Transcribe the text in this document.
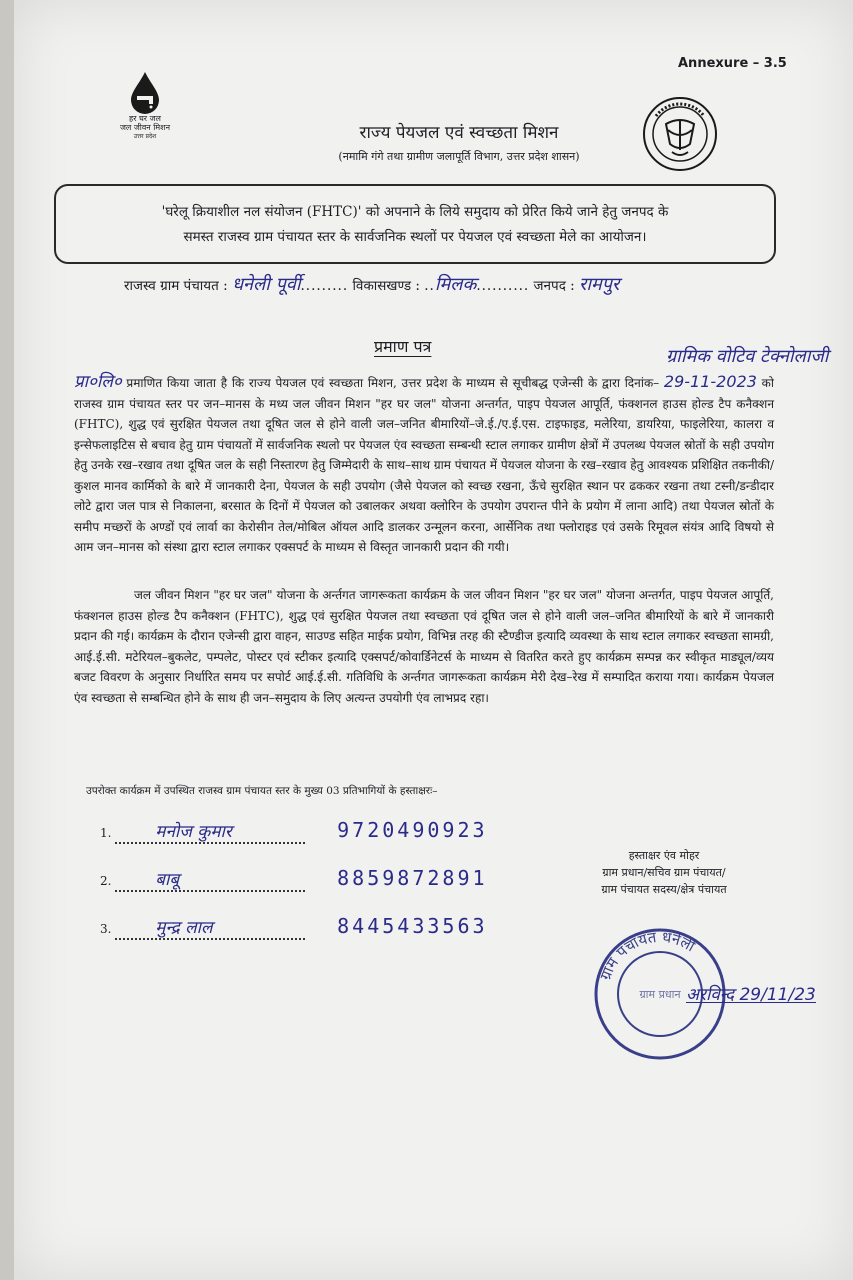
Annexure – 3.5
हर घर जल
जल जीवन मिशन
उत्तर प्रदेश	राज्य पेयजल एवं स्वच्छता मिशन
(नमामि गंगे तथा ग्रामीण जलापूर्ति विभाग, उत्तर प्रदेश शासन)
'घरेलू क्रियाशील नल संयोजन (FHTC)' को अपनाने के लिये समुदाय को प्रेरित किये जाने हेतु जनपद के
समस्त राजस्व ग्राम पंचायत स्तर के सार्वजनिक स्थलों पर पेयजल एवं स्वच्छता मेले का आयोजन।
राजस्व ग्राम पंचायत : धनेली पूर्वी......... विकासखण्ड : ..मिलक.......... जनपद : रामपुर
प्रमाण पत्र	ग्रामिक वोटिव टेक्नोलाजी
प्रा०लि० प्रमाणित किया जाता है कि राज्य पेयजल एवं स्वच्छता मिशन, उत्तर प्रदेश के माध्यम से सूचीबद्ध एजेन्सी के द्वारा दिनांक– 29-11-2023 को राजस्व ग्राम पंचायत स्तर पर जन–मानस के मध्य जल जीवन मिशन "हर घर जल" योजना अन्तर्गत, पाइप पेयजल आपूर्ति, फंक्शनल हाउस होल्ड टैप कनैक्शन (FHTC), शुद्ध एवं सुरक्षित पेयजल तथा दूषित जल से होने वाली जल–जनित बीमारियों–जे.ई./ए.ई.एस. टाइफाइड, मलेरिया, डायरिया, फाइलेरिया, कालरा व इन्सेफलाइटिस से बचाव हेतु ग्राम पंचायतों में सार्वजनिक स्थलो पर पेयजल एंव स्वच्छता सम्बन्धी स्टाल लगाकर ग्रामीण क्षेत्रों में उपलब्ध पेयजल स्रोतों के सही उपयोग हेतु उनके रख–रखाव तथा दूषित जल के सही निस्तारण हेतु जिम्मेदारी के साथ–साथ ग्राम पंचायत में पेयजल योजना के रख–रखाव हेतु आवश्यक प्रशिक्षित तकनीकी/कुशल मानव कार्मिको के बारे में जानकारी देना, पेयजल के सही उपयोग (जैसे पेयजल को स्वच्छ रखना, ऊँचे सुरक्षित स्थान पर ढककर रखना तथा टस्नी/डन्डीदार लोटे द्वारा जल पात्र से निकालना, बरसात के दिनों में पेयजल को उबालकर अथवा क्लोरिन के उपयोग उपरान्त पीने के प्रयोग में लाना आदि) तथा पेयजल स्रोतों के समीप मच्छरों के अण्डों एवं लार्वा का केरोसीन तेल/मोबिल ऑयल आदि डालकर उन्मूलन करना, आर्सेनिक तथा फ्लोराइड एवं उसके रिमूवल संयंत्र आदि विषयो से आम जन–मानस को संस्था द्वारा स्टाल लगाकर एक्सपर्ट के माध्यम से विस्तृत जानकारी प्रदान की गयी।
जल जीवन मिशन "हर घर जल" योजना के अर्न्तगत जागरूकता कार्यक्रम के जल जीवन मिशन "हर घर जल" योजना अन्तर्गत, पाइप पेयजल आपूर्ति, फंक्शनल हाउस होल्ड टैप कनैक्शन (FHTC), शुद्ध एवं सुरक्षित पेयजल तथा स्वच्छता एवं दूषित जल से होने वाली जल–जनित बीमारियों के बारे में जानकारी प्रदान की गई। कार्यक्रम के दौरान एजेन्सी द्वारा वाहन, साउण्ड सहित माईक प्रयोग, विभिन्न तरह की स्टैण्डीज इत्यादि व्यवस्था के साथ स्टाल लगाकर स्वच्छता सामग्री, आई.ई.सी. मटेरियल–बुकलेट, पम्पलेट, पोस्टर एवं स्टीकर इत्यादि एक्सपर्ट/कोवार्डिनेटर्स के माध्यम से वितरित करते हुए कार्यक्रम सम्पन्न कर स्वीकृत माड्यूल/व्यय बजट विवरण के अनुसार निर्धारित समय पर सपोर्ट आई.ई.सी. गतिविधि के अर्न्तगत जागरूकता कार्यक्रम मेरी देख–रेख में सम्पादित कराया गया। कार्यक्रम पेयजल एंव स्वच्छता से सम्बन्धित होने के साथ ही जन–समुदाय के लिए अत्यन्त उपयोगी एंव लाभप्रद रहा।
उपरोक्त कार्यक्रम में उपस्थित राजस्व ग्राम पंचायत स्तर के मुख्य 03 प्रतिभागियों के हस्ताक्षरः–
1.	मनोज कुमार	9720490923
2.	बाबू	8859872891
3.	मुन्द्र लाल	8445433563
हस्ताक्षर एंव मोहर
ग्राम प्रधान/सचिव ग्राम पंचायत/
ग्राम पंचायत सदस्य/क्षेत्र पंचायत
ग्राम पंचायत धनेली
ग्राम प्रधान अरविन्द 29/11/23
